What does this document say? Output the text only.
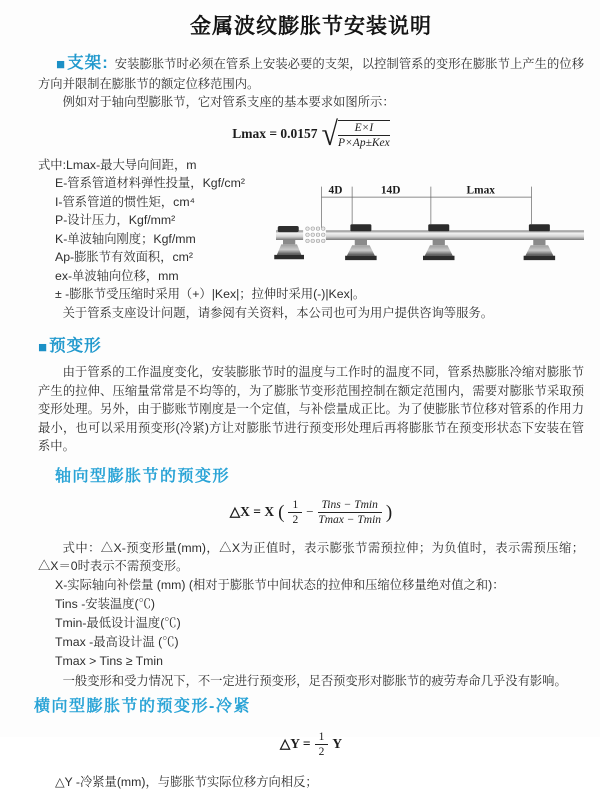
金属波纹膨胀节安装说明

■ 支架: 安装膨胀节时必须在管系上安装必要的支架，以控制管系的变形在膨胀节上产生的位移方向并限制在膨胀节的额定位移范围内。

例如对于轴向型膨胀节，它对管系支座的基本要求如图所示：

Lmax = 0.0157 √ $\frac{E\times I}{\text{P×Ap±Kex}}$
式中:Lmax-最大导向间距，m
E-管系管道材料弹性投量，Kgf/cm²
I-管系管道的惯性矩，cm⁴
P-设计压力，Kgf/mm²
K-单波轴向刚度；Kgf/mm
Ap-膨胀节有效面积，cm²
ex-单波轴向位移，mm
4D	14D	Lmax

± -膨胀节受压缩时采用（+）|Kex|；拉伸时采用(-)|Kex|。

关于管系支座设计问题，请参阅有关资料，本公司也可为用户提供咨询等服务。

■ 预变形

由于管系的工作温度变化，安装膨胀节时的温度与工作时的温度不同，管系热膨胀冷缩对膨胀节产生的拉伸、压缩量常常是不均等的，为了膨胀节变形范围控制在额定范围内，需要对膨胀节采取预变形处理。另外，由于膨账节刚度是一个定值，与补偿量成正比。为了使膨胀节位移对管系的作用力最小，也可以采用预变形(冷紧)方让对膨胀节进行预变形处理后再将膨胀节在预变形状态下安装在管系中。

轴向型膨胀节的预变形
△X = X ( $\frac{1}{2} - \frac{\text{Tins − Tmin}}{Tmax - Tmin}$ )

式中：△X-预变形量(mm)，△X为正值时，表示膨张节需预拉伸；为负值时，表示需预压缩；△X＝0时表示不需预变形。

X-实际轴向补偿量 (mm) (相对于膨胀节中间状态的拉伸和压缩位移量绝对值之和)：
Tins -安装温度(℃)
Tmin-最低设计温度(℃)
Tmax -最高设计温 (℃)
Tmax > Tins ≥ Tmin

一般变形和受力情况下，不一定进行预变形，足否预变形对膨胀节的疲劳寿命几乎没有影响。

横向型膨胀节的预变形-冷紧
△Y = $\frac{1}{2}$ Y

△Y -冷紧量(mm)，与膨胀节实际位移方向相反；
